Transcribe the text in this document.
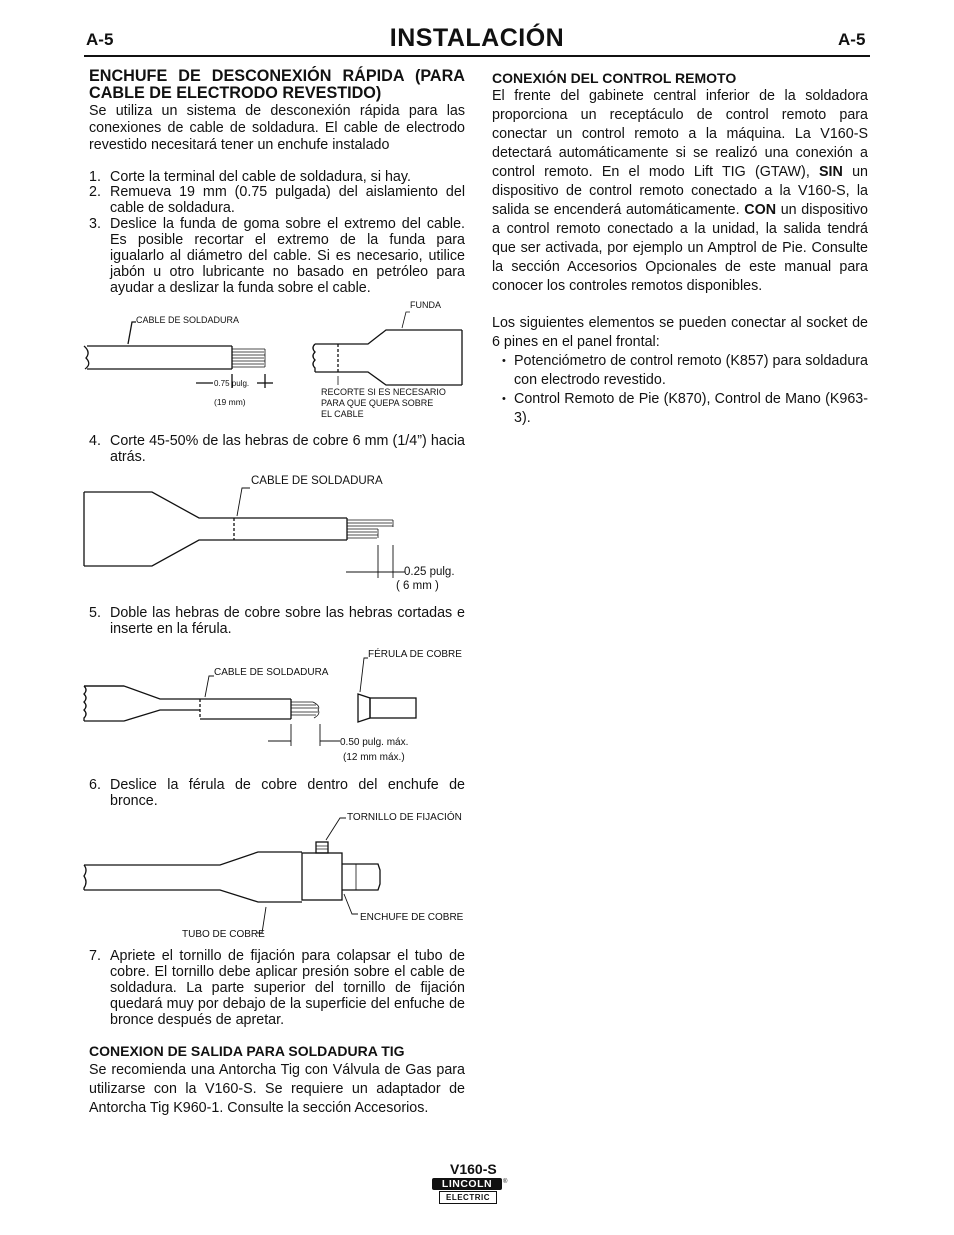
A-5	INSTALACIÓN	A-5

ENCHUFE DE DESCONEXIÓN RÁPIDA (PARA CABLE DE ELECTRODO REVESTIDO)

Se utiliza un sistema de desconexión rápida para las conexiones de cable de soldadura. El cable de electrodo revestido necesitará tener un enchufe instalado

1. Corte la terminal del cable de soldadura, si hay.
2. Remueva 19 mm (0.75 pulgada) del aislamiento del cable de soldadura.
3. Deslice la funda de goma sobre el extremo del cable. Es posible recortar el extremo de la funda para igualarlo al diámetro del cable. Si es necesario, utilice jabón u otro lubricante no basado en petróleo para ayudar a deslizar la funda sobre el cable.
CABLE DE SOLDADURA
0.75 pulg.
(19 mm)
FUNDA
RECORTE SI ES NECESARIO
PARA QUE QUEPA SOBRE
EL CABLE
4. Corte 45-50% de las hebras de cobre 6 mm (1/4”) hacia atrás.
CABLE DE SOLDADURA
0.25 pulg.
( 6 mm )
5. Doble las hebras de cobre sobre las hebras cortadas e inserte en la férula.
CABLE DE SOLDADURA
FÉRULA DE COBRE
0.50 pulg. máx.
(12 mm máx.)
6. Deslice la férula de cobre dentro del enchufe de bronce.
TORNILLO DE FIJACIÓN
ENCHUFE DE COBRE
TUBO DE COBRE
7. Apriete el tornillo de fijación para colapsar el tubo de cobre. El tornillo debe aplicar presión sobre el cable de soldadura. La parte superior del tornillo de fijación quedará muy por debajo de la superficie del enfuche de bronce después de apretar.

CONEXION DE SALIDA PARA SOLDADURA TIG

Se recomienda una Antorcha Tig con Válvula de Gas para utilizarse con la V160-S. Se requiere un adaptador de Antorcha Tig K960-1. Consulte la sección Accesorios.

CONEXIÓN DEL CONTROL REMOTO

El frente del gabinete central inferior de la soldadora proporciona un receptáculo de control remoto para conectar un control remoto a la máquina. La V160-S detectará automáticamente si se realizó una conexión a control remoto. En el modo Lift TIG (GTAW), SIN un dispositivo de control remoto conectado a la V160-S, la salida se encenderá automáticamente. CON un dispositivo a control remoto conectado a la unidad, la salida tendrá que ser activada, por ejemplo un Amptrol de Pie. Consulte la sección Accesorios Opcionales de este manual para conocer los controles remotos disponibles.

Los siguientes elementos se pueden conectar al socket de 6 pines en el panel frontal:

• Potenciómetro de control remoto (K857) para soldadura con electrodo revestido.
• Control Remoto de Pie (K870), Control de Mano (K963-3).
V160-S
LINCOLN	®
ELECTRIC
